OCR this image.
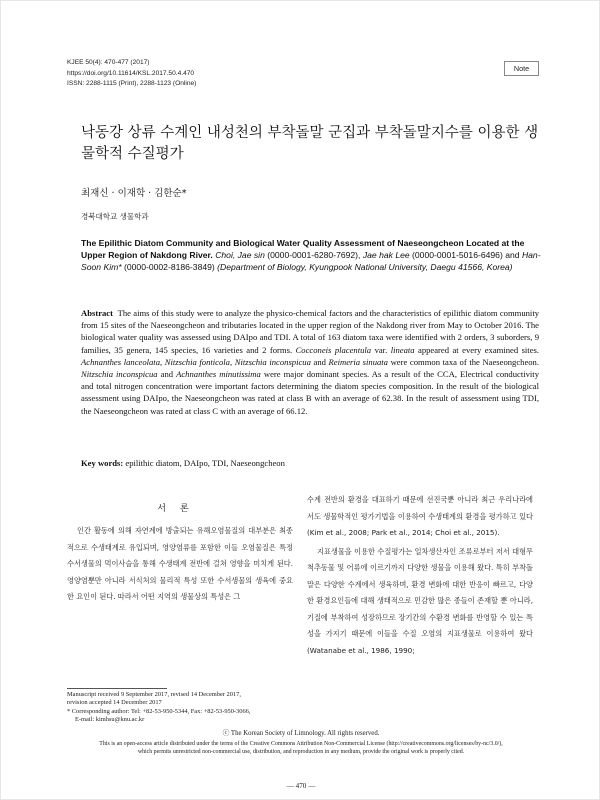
KJEE 50(4): 470-477 (2017)
https://doi.org/10.11614/KSL.2017.50.4.470
ISSN: 2288-1115 (Print), 2288-1123 (Online)
Note
낙동강 상류 수계인 내성천의 부착돌말 군집과 부착돌말지수를 이용한 생물학적 수질평가
최재신 · 이재학 · 김한순*
경북대학교 생물학과
The Epilithic Diatom Community and Biological Water Quality Assessment of Naeseongcheon Located at the Upper Region of Nakdong River. Choi, Jae sin (0000-0001-6280-7692), Jae hak Lee (0000-0001-5016-6496) and Han-Soon Kim* (0000-0002-8186-3849) (Department of Biology, Kyungpook National University, Daegu 41566, Korea)
Abstract The aims of this study were to analyze the physico-chemical factors and the characteristics of epilithic diatom community from 15 sites of the Naeseongcheon and tributaries located in the upper region of the Nakdong river from May to October 2016. The biological water quality was assessed using DAIpo and TDI. A total of 163 diatom taxa were identified with 2 orders, 3 suborders, 9 families, 35 genera, 145 species, 16 varieties and 2 forms. Cocconeis placentula var. lineata appeared at every examined sites. Achnanthes lanceolata, Nitzschia fonticola, Nitzschia inconspicua and Reimeria sinuata were common taxa of the Naeseongcheon. Nitzschia inconspicua and Achnanthes minutissima were major dominant species. As a result of the CCA, Electrical conductivity and total nitrogen concentration were important factors determining the diatom species composition. In the result of the biological assessment using DAIpo, the Naeseongcheon was rated at class B with an average of 62.38. In the result of assessment using TDI, the Naeseongcheon was rated at class C with an average of 66.12.
Key words: epilithic diatom, DAIpo, TDI, Naeseongcheon
서론

인간 활동에 의해 자연계에 방출되는 유해오염물질의 대부분은 최종적으로 수생태계로 유입되며, 영양염류를 포함한 이들 오염물질은 특정 수서생물의 먹이사슬을 통해 수생태계 전반에 걸쳐 영향을 미치게 된다. 영양염뿐만 아니라 서식처의 물리적 특성 또한 수서생물의 생육에 중요한 요인이 된다. 따라서 어떤 지역의 생물상의 특성은 그

수계 전반의 환경을 대표하기 때문에 선진국뿐 아니라 최근 우리나라에서도 생물학적인 평가기법을 이용하여 수생태계의 환경을 평가하고 있다(Kim et al., 2008; Park et al., 2014; Choi et al., 2015).

지표생물을 이용한 수질평가는 일차생산자인 조류로부터 저서 대형무척추동물 및 어류에 이르기까지 다양한 생물을 이용해 왔다. 특히 부착돌말은 다양한 수계에서 생육하며, 환경 변화에 대한 반응이 빠르고, 다양한 환경요인들에 대해 생태적으로 민감한 많은 종들이 존재할 뿐 아니라, 기질에 부착하여 성장하므로 장기간의 수환경 변화를 반영할 수 있는 특성을 가지기 때문에 이들을 수질 오염의 지표생물로 이용하여 왔다(Watanabe et al., 1986, 1990;

Manuscript received 9 September 2017, revised 14 December 2017,
revision accepted 14 December 2017
* Corresponding author: Tel: +82-53-950-5344, Fax: +82-53-950-3066,
E-mail: kimhsu@knu.ac.kr
ⓒ The Korean Society of Limnology. All rights reserved.
This is an open-access article distributed under the terms of the Creative Commons Attribution Non-Commercial License (http://creativecommons.org/licenses/by-nc/3.0/),
which permits unrestricted non-commercial use, distribution, and reproduction in any medium, provide the original work is properly cited.
— 470 —
